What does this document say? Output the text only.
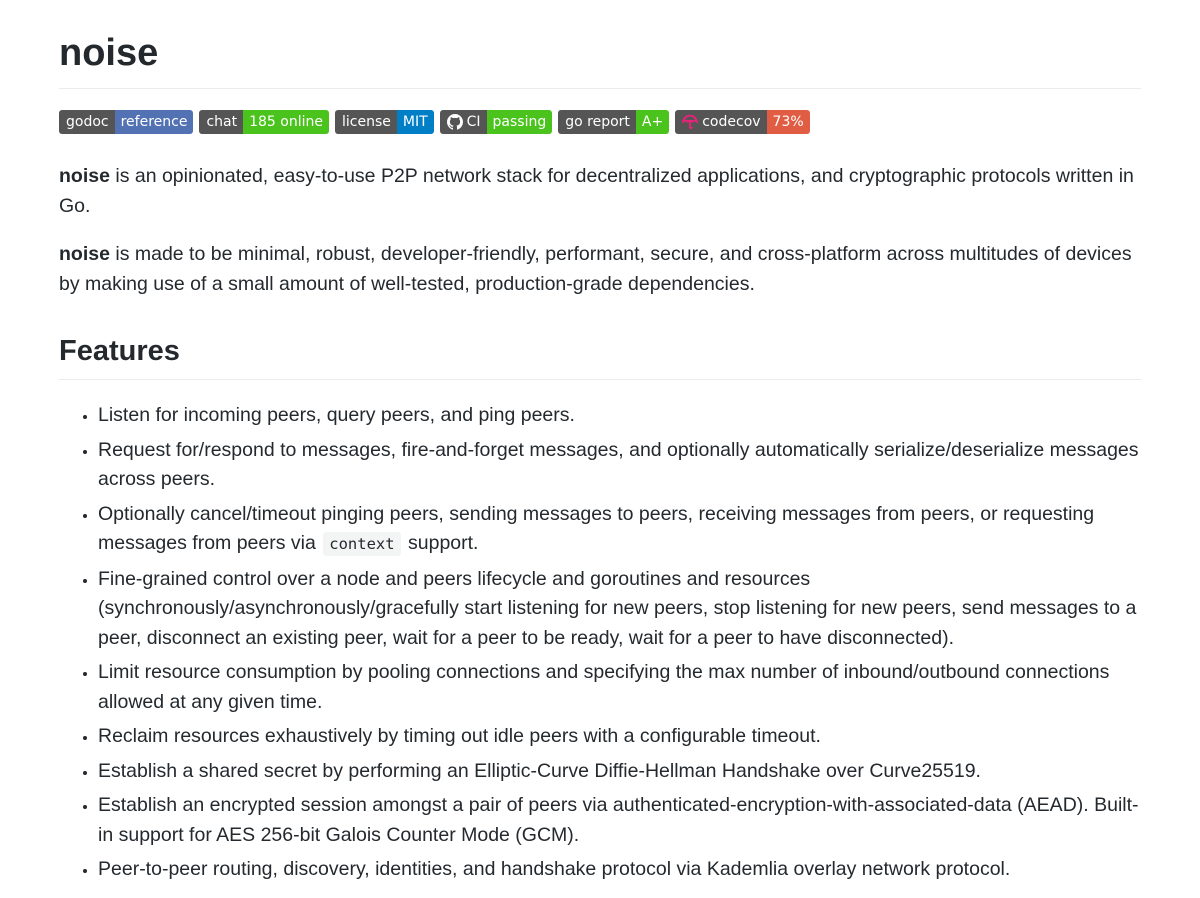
noise
godoc reference	chat 185 online	license MIT	CI passing	go report A+	codecov 73%

noise is an opinionated, easy-to-use P2P network stack for decentralized applications, and cryptographic protocols written in Go.

noise is made to be minimal, robust, developer-friendly, performant, secure, and cross-platform across multitudes of devices by making use of a small amount of well-tested, production-grade dependencies.

Features
• Listen for incoming peers, query peers, and ping peers.
• Request for/respond to messages, fire-and-forget messages, and optionally automatically serialize/deserialize messages across peers.
• Optionally cancel/timeout pinging peers, sending messages to peers, receiving messages from peers, or requesting messages from peers via context support.
• Fine-grained control over a node and peers lifecycle and goroutines and resources (synchronously/asynchronously/gracefully start listening for new peers, stop listening for new peers, send messages to a peer, disconnect an existing peer, wait for a peer to be ready, wait for a peer to have disconnected).
• Limit resource consumption by pooling connections and specifying the max number of inbound/outbound connections allowed at any given time.
• Reclaim resources exhaustively by timing out idle peers with a configurable timeout.
• Establish a shared secret by performing an Elliptic-Curve Diffie-Hellman Handshake over Curve25519.
• Establish an encrypted session amongst a pair of peers via authenticated-encryption-with-associated-data (AEAD). Built-in support for AES 256-bit Galois Counter Mode (GCM).
• Peer-to-peer routing, discovery, identities, and handshake protocol via Kademlia overlay network protocol.
